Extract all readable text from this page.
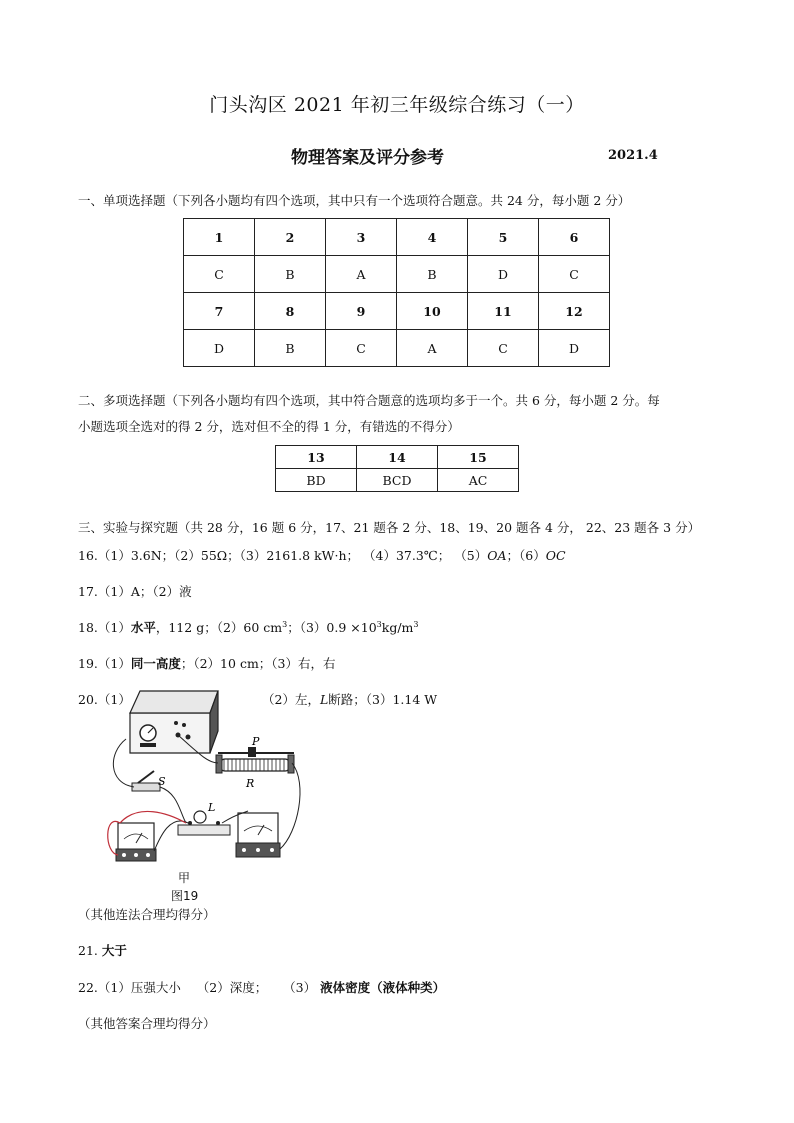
门头沟区 2021 年初三年级综合练习（一）
物理答案及评分参考	2021.4
一、单项选择题（下列各小题均有四个选项，其中只有一个选项符合题意。共 24 分，每小题 2 分）
1	2	3	4	5	6
C	B	A	B	D	C
7	8	9	10	11	12
D	B	C	A	C	D
二、多项选择题（下列各小题均有四个选项，其中符合题意的选项均多于一个。共 6 分，每小题 2 分。每
小题选项全选对的得 2 分，选对但不全的得 1 分，有错选的不得分）
13	14	15
BD	BCD	AC
三、实验与探究题（共 28 分，16 题 6 分，17、21 题各 2 分、18、19、20 题各 4 分， 22、23 题各 3 分）
16.（1）3.6N；（2）55Ω；（3）2161.8 kW·h； （4）37.3℃； （5）OA；（6）OC
17.（1）A；（2）液
18.（1）水平，112 g；（2）60 $cm^3$；$(3)0.9 \times 10^3kg/m^3$
19.（1）同一高度；（2）10 cm；（3）右，右
20.（1）	（2）左，L断路；（3）1.14 W
P
S	R
L
甲
图19
（其他连法合理均得分）
21. 大于
22.（1）压强大小 （2）深度； （3） 液体密度（液体种类）
（其他答案合理均得分）
